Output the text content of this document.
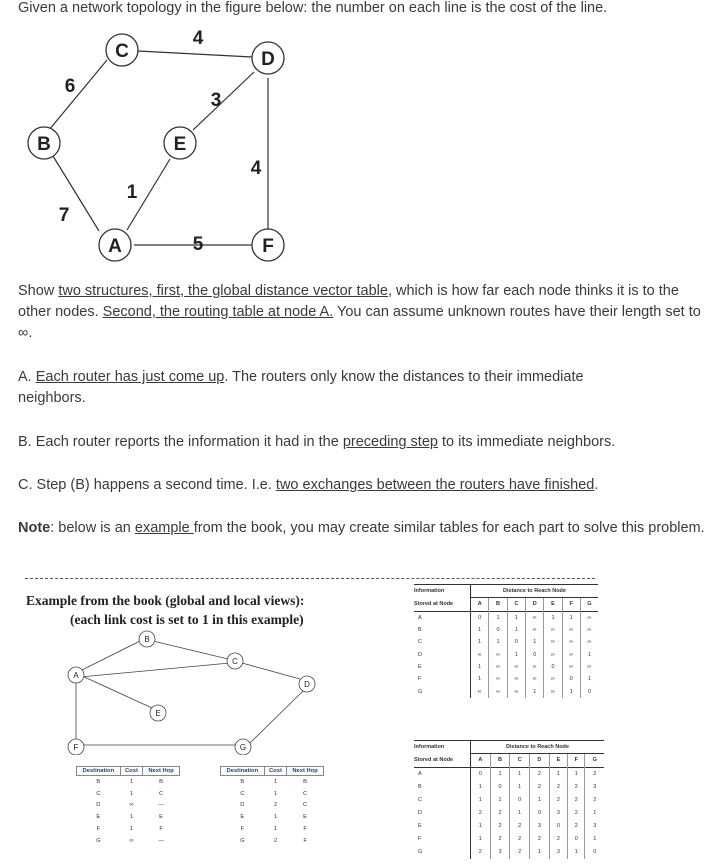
Given a network topology in the figure below: the number on each line is the cost of the line.
A
B
C	D
E
F
6
4
3
4
7
1
5
Show two structures, first, the global distance vector table, which is how far each node thinks it is to the other nodes. Second, the routing table at node A. You can assume unknown routes have their length set to ∞.
A. Each router has just come up. The routers only know the distances to their immediate neighbors.
B. Each router reports the information it had in the preceding step to its immediate neighbors.
C. Step (B) happens a second time. I.e. two exchanges between the routers have finished.
Note: below is an example from the book, you may create similar tables for each part to solve this problem.
Example from the book (global and local views):
(each link cost is set to 1 in this example)
A
B
C
D
E
F	G
Destination	Cost	Next Hop
B	1	B
C	1	C
D	∞	—
E	1	E
F	1	F
G	∞	—
Destination	Cost	Next Hop
B	1	B
C	1	C
D	2	C
E	1	E
F	1	F
G	2	F
Information	Distance to Reach Node						
Stored at Node	A	B	C	D	E	F	G
A	0	1	1	∞	1	1	∞
B	1	0	1	∞	∞	∞	∞
C	1	1	0	1	∞	∞	∞
D	∞	∞	1	0	∞	∞	1
E	1	∞	∞	∞	0	∞	∞
F	1	∞	∞	∞	∞	0	1
G	∞	∞	∞	1	∞	1	0
Information	Distance to Reach Node						
Stored at Node	A	B	C	D	E	F	G
A	0	1	1	2	1	1	2
B	1	0	1	2	2	2	3
C	1	1	0	1	2	2	2
D	2	2	1	0	3	2	1
E	1	2	2	3	0	2	3
F	1	2	2	2	2	0	1
G	2	3	2	1	3	1	0
